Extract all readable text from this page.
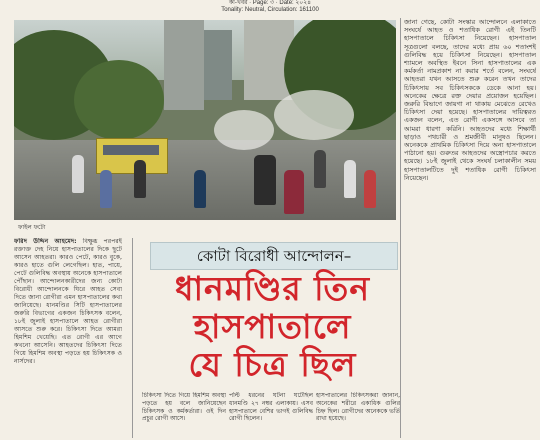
কী-খবর · Page: ৩ · Date: ২০২৪
Tonality: Neutral, Circulation: 161100
ফাইল ফটো
জানা গেছে, কোটা সংস্কার আন্দোলনে এলাকাতে সংঘর্ষে আহত ও শতাধিক রোগী এই তিনটি হাসপাতালে চিকিৎসা নিয়েছেন। হাসপাতাল সূত্রগুলো বলছে, তাদের মধ্যে প্রায় ৬০ শতাংশই গুলিবিদ্ধ হয়ে চিকিৎসা নিয়েছেন। হাসপাতাল শ্যামলে অবস্থিত ইবনে সিনা হাসপাতালের এক কর্মকর্তা নামপ্রকাশ না করার শর্তে বলেন, সংঘর্ষে আহতরা যখন আসতে শুরু করেন তখন তাদের চিকিৎসায় সব চিকিৎসককে ডেকে আনা হয়। অনেকের ক্ষেত্রে রক্ত দেয়ার প্রয়োজন হয়েছিল। জরুরি বিভাগে জায়গা না থাকায় মেঝেতে রেখেও চিকিৎসা দেয়া হয়েছে। হাসপাতালের দায়িত্বরত একজন বলেন, এত রোগী একসঙ্গে আসবে তা আমরা ধারণা করিনি। আহতদের মধ্যে শিক্ষার্থী ছাড়াও পথচারী ও শ্রমজীবী মানুষও ছিলেন। অনেককে প্রাথমিক চিকিৎসা দিয়ে অন্য হাসপাতালে পাঠানো হয়। গুরুতর আহতদের অস্ত্রোপচার করতে হয়েছে। ১৮ই জুলাই থেকে সংঘর্ষ চলাকালীন সময় হাসপাতালটিতে দুই শতাধিক রোগী চিকিৎসা নিয়েছেন।
ফরিদ উদ্দিন আহমেদ: বিক্ষুব্ধ পরপরই রক্তাক্ত দেহ নিয়ে হাসপাতালের দিকে ছুটে আসেন আহতরা। কারও পেটে, কারও বুকে, কারও হাতে গুলি লেগেছিল। হাত, পায়ে, পেটে গুলিবিদ্ধ অবস্থায় অনেকে হাসপাতালে পৌঁছান। আন্দোলনকারীদের জন্য কোটা বিরোধী আন্দোলনকে ঘিরে আহত সেবা দিতে জানা রোগীরা এমন হাসপাতালের কথা জানিয়েছে। ধানমণ্ডির সিটি হাসপাতালের জরুরি বিভাগের একজন চিকিৎসক বলেন, ১৮ই জুলাই হাসপাতালে আহত রোগীরা আসতে শুরু করে। চিকিৎসা দিতে আমরা হিমশিম খেয়েছি। এত রোগী এর আগে কখনো আসেনি। আহতদের চিকিৎসা দিতে গিয়ে হিমশিম অবস্থা পড়তে হয় চিকিৎসক ও নার্সদের।
কোটা বিরোধী আন্দোলন–
ধানমণ্ডির তিন
হাসপাতালে
যে চিত্র ছিল
চিকিৎসা দিতে গিয়ে হিমশিম অবস্থা পড়তে হয় বলে জানিয়েছেন চিকিৎসক ও কর্মকর্তারা। ওই দিন প্রচুর রোগী আসে।
পল্টি ধরনের ঘটনা ঘটেছিল ধানমণ্ডি ২৭ নম্বর এলাকায়। এসব হাসপাতালে বেশির ভাগই গুলিবিদ্ধ রোগী ছিলেন।
হাসপাতালের চিকিৎসকরা জানান, অনেকের শরীরে একাধিক গুলির চিহ্ন ছিল। রোগীদের অনেককে ভর্তি রাখা হয়েছে।
